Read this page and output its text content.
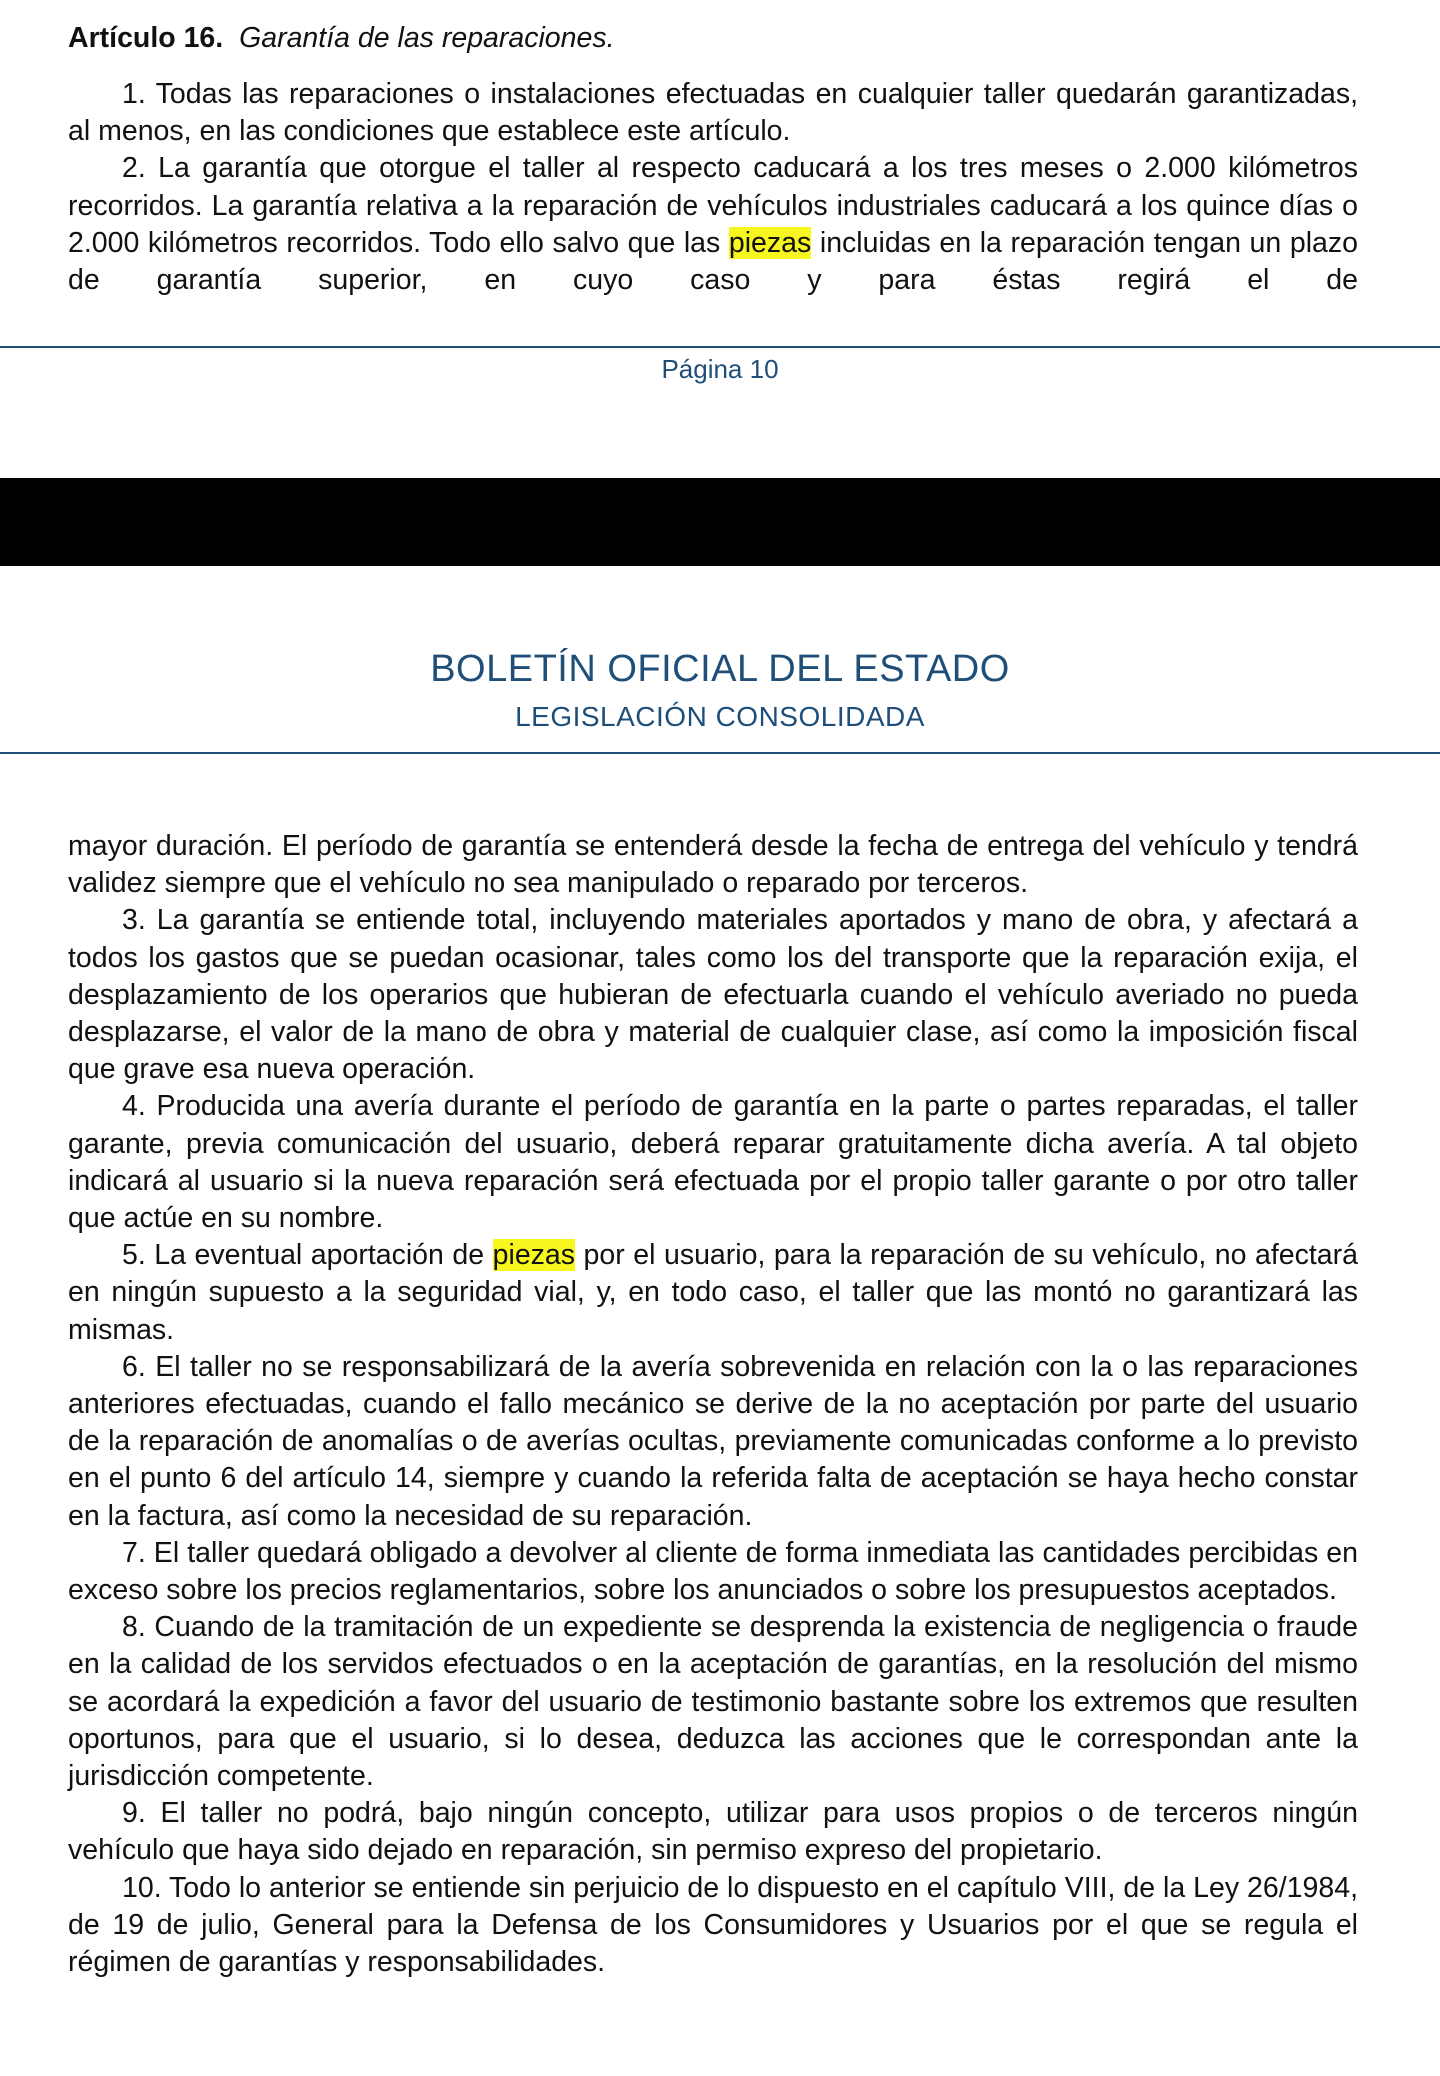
Artículo 16. Garantía de las reparaciones.

1. Todas las reparaciones o instalaciones efectuadas en cualquier taller quedarán garantizadas, al menos, en las condiciones que establece este artículo.

2. La garantía que otorgue el taller al respecto caducará a los tres meses o 2.000 kilómetros recorridos. La garantía relativa a la reparación de vehículos industriales caducará a los quince días o 2.000 kilómetros recorridos. Todo ello salvo que las piezas incluidas en la reparación tengan un plazo de garantía superior, en cuyo caso y para éstas regirá el de

Página 10
BOLETÍN OFICIAL DEL ESTADO
LEGISLACIÓN CONSOLIDADA

mayor duración. El período de garantía se entenderá desde la fecha de entrega del vehículo y tendrá validez siempre que el vehículo no sea manipulado o reparado por terceros.

3. La garantía se entiende total, incluyendo materiales aportados y mano de obra, y afectará a todos los gastos que se puedan ocasionar, tales como los del transporte que la reparación exija, el desplazamiento de los operarios que hubieran de efectuarla cuando el vehículo averiado no pueda desplazarse, el valor de la mano de obra y material de cualquier clase, así como la imposición fiscal que grave esa nueva operación.

4. Producida una avería durante el período de garantía en la parte o partes reparadas, el taller garante, previa comunicación del usuario, deberá reparar gratuitamente dicha avería. A tal objeto indicará al usuario si la nueva reparación será efectuada por el propio taller garante o por otro taller que actúe en su nombre.

5. La eventual aportación de piezas por el usuario, para la reparación de su vehículo, no afectará en ningún supuesto a la seguridad vial, y, en todo caso, el taller que las montó no garantizará las mismas.

6. El taller no se responsabilizará de la avería sobrevenida en relación con la o las reparaciones anteriores efectuadas, cuando el fallo mecánico se derive de la no aceptación por parte del usuario de la reparación de anomalías o de averías ocultas, previamente comunicadas conforme a lo previsto en el punto 6 del artículo 14, siempre y cuando la referida falta de aceptación se haya hecho constar en la factura, así como la necesidad de su reparación.

7. El taller quedará obligado a devolver al cliente de forma inmediata las cantidades percibidas en exceso sobre los precios reglamentarios, sobre los anunciados o sobre los presupuestos aceptados.

8. Cuando de la tramitación de un expediente se desprenda la existencia de negligencia o fraude en la calidad de los servidos efectuados o en la aceptación de garantías, en la resolución del mismo se acordará la expedición a favor del usuario de testimonio bastante sobre los extremos que resulten oportunos, para que el usuario, si lo desea, deduzca las acciones que le correspondan ante la jurisdicción competente.

9. El taller no podrá, bajo ningún concepto, utilizar para usos propios o de terceros ningún vehículo que haya sido dejado en reparación, sin permiso expreso del propietario.

10. Todo lo anterior se entiende sin perjuicio de lo dispuesto en el capítulo VIII, de la Ley 26/1984, de 19 de julio, General para la Defensa de los Consumidores y Usuarios por el que se regula el régimen de garantías y responsabilidades.
